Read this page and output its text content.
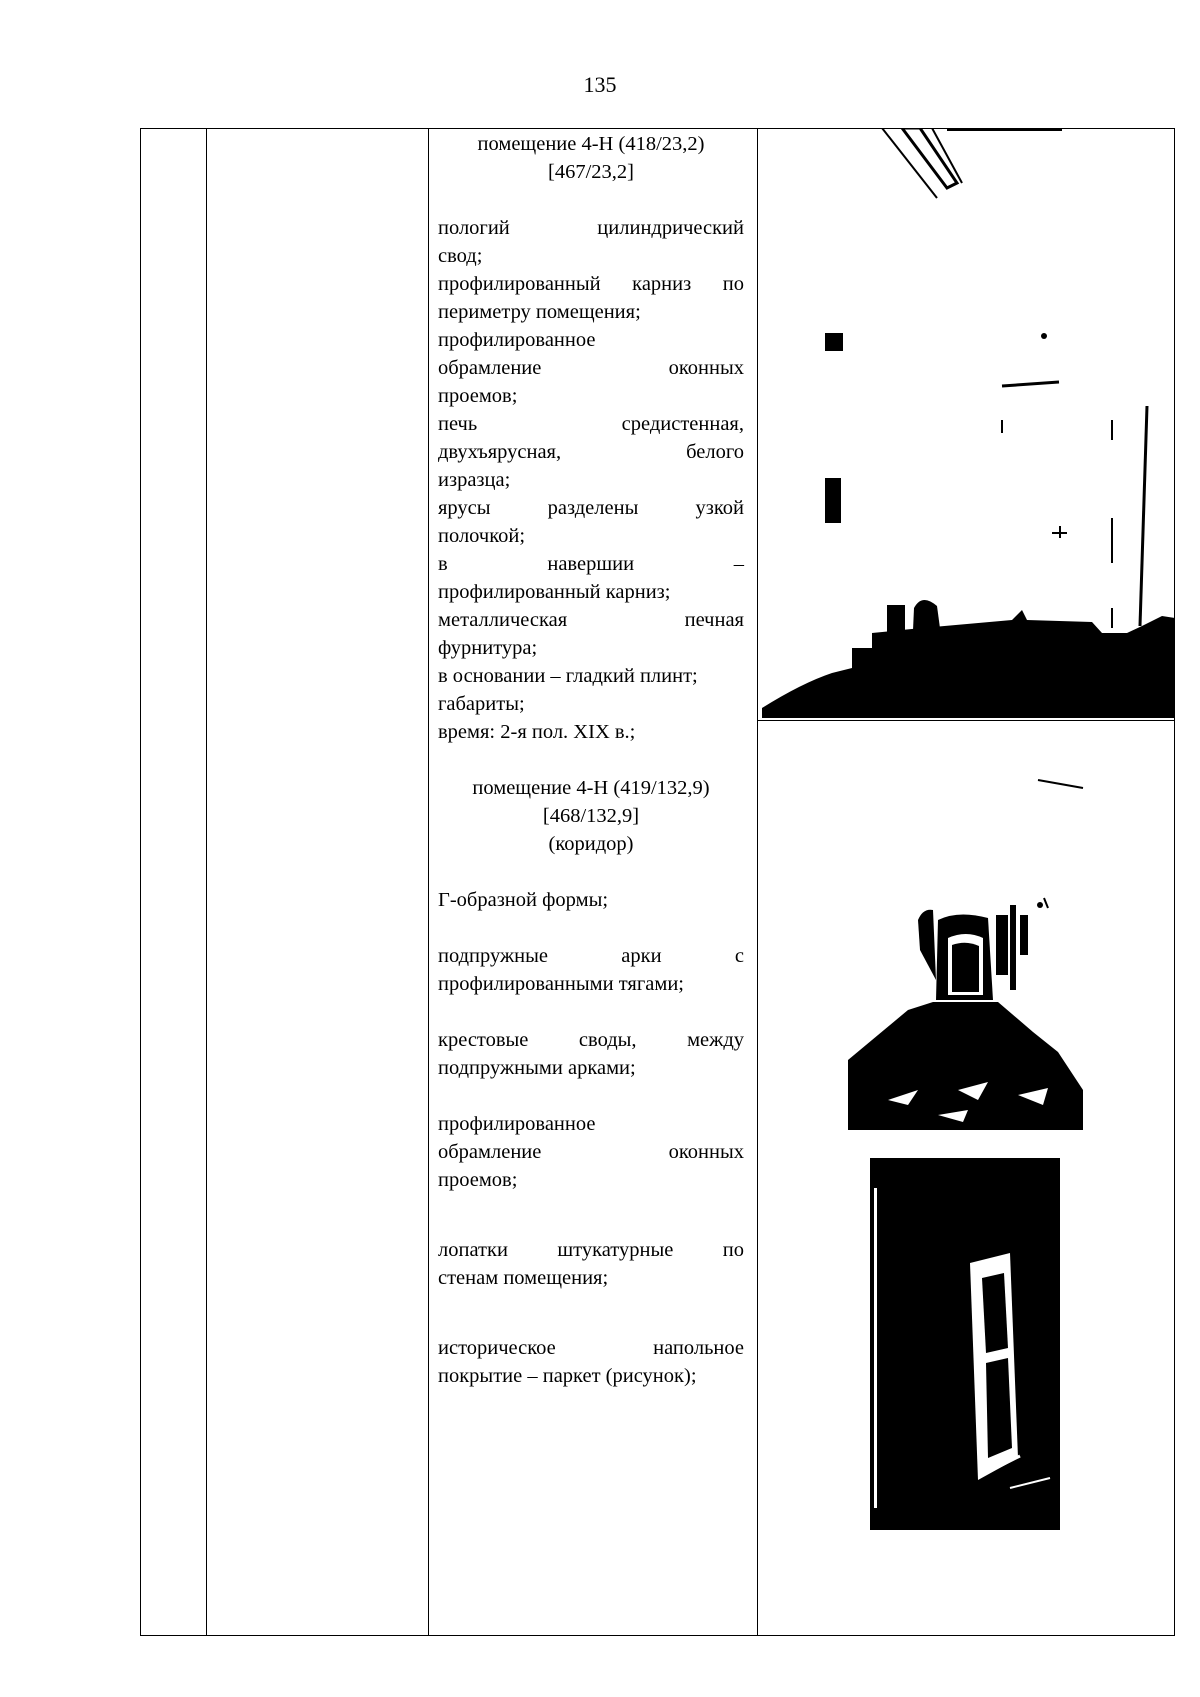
135
помещение 4-Н (418/23,2)
[467/23,2]
пологий цилиндрический
свод;
профилированный карниз по
периметру помещения;
профилированное
обрамление оконных
проемов;
печь средистенная,
двухъярусная, белого
изразца;
ярусы разделены узкой
полочкой;
в навершии –
профилированный карниз;
металлическая печная
фурнитура;
в основании – гладкий плинт;
габариты;
время: 2-я пол. XIX в.;
помещение 4-Н (419/132,9)
[468/132,9]
(коридор)
Г-образной формы;
подпружные арки с
профилированными тягами;
крестовые своды, между
подпружными арками;
профилированное
обрамление оконных
проемов;
лопатки штукатурные по
стенам помещения;
историческое напольное
покрытие – паркет (рисунок);
